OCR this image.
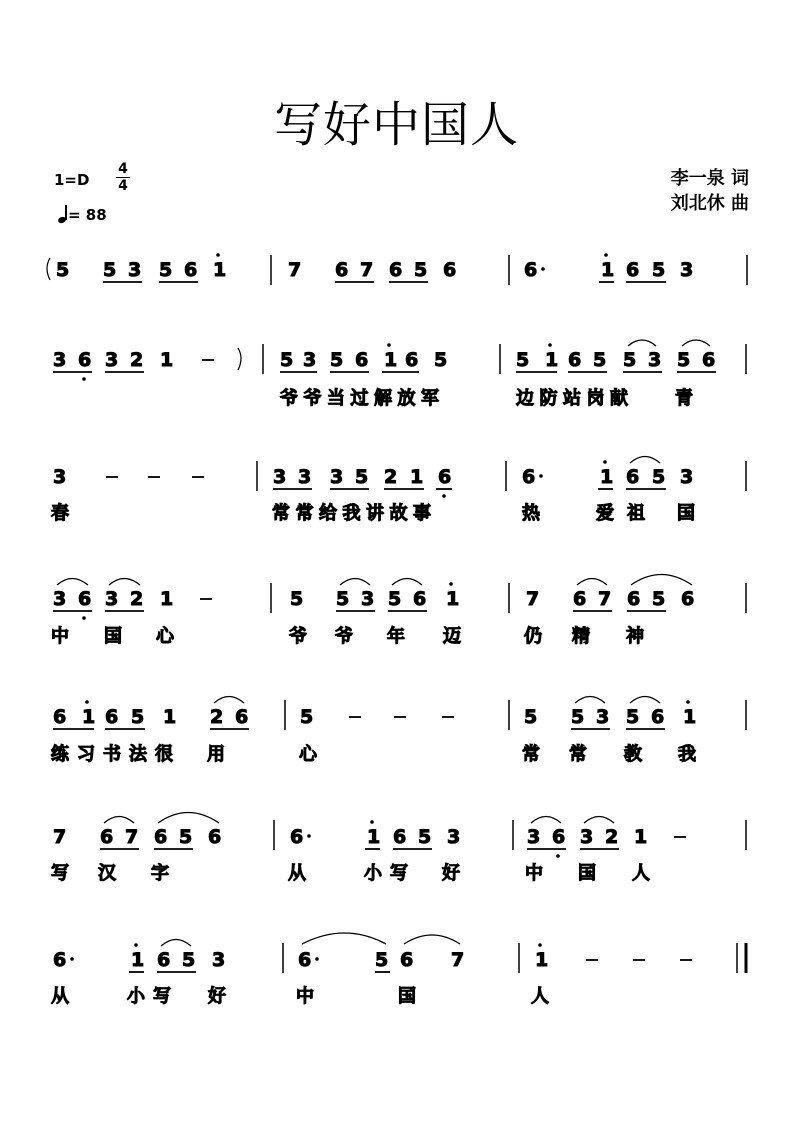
写好中国人
1=D
4
4
= 88
李一泉 词
刘北休 曲
5 5 3 5 6 1	7 6 7 6 5 6	6	1 6 5 3
3 6 3 2 1	5 3 5 6 1 6 5	5 1 6 5 5 3 5 6
爷爷当过解放军	边防站岗献 青
3	3 3 3 5 2 1 6	6	1 6 5 3
春	常常给我讲故事	热	爱祖 国
3 6 3 2 1	5 5 3 5 6 1	7 6 7 6 5 6
中 国 心	爷 爷 年 迈	仍 精 神
6 1 6 5 1 2 6	5	5 5 3 5 6 1
练习书法很 用	心	常 常 教 我
7 6 7 6 5 6	6	1 6 5 3	3 6 3 2 1
写 汉 字	从	小写 好	中 国 人
6	1 6 5 3	6	5 6 7	1
从	小写 好	中	国	人
